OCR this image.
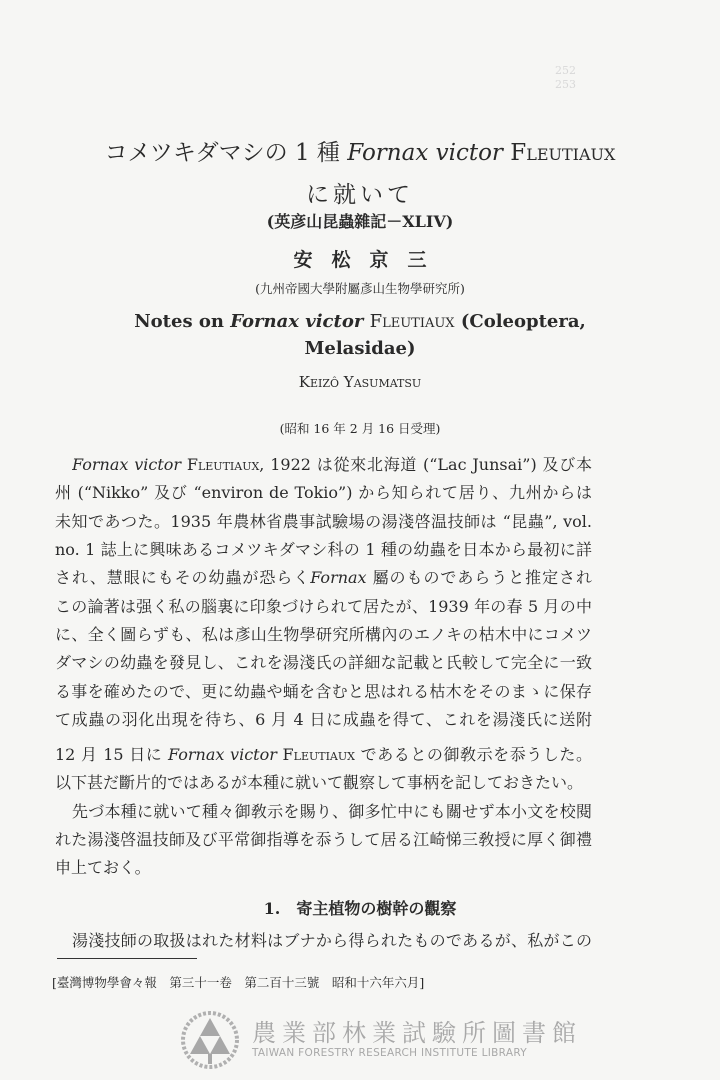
252
253
コメツキダマシの 1 種 Fornax victor Fleutiaux
に就いて
(英彦山昆蟲雜記－XLIV)
安　松　京　三
(九州帝國大學附屬彥山生物學研究所)
Notes on Fornax victor Fleutiaux (Coleoptera,
Melasidae)
Keizô Yasumatsu
(昭和 16 年 2 月 16 日受理)
Fornax victor Fleutiaux, 1922 は從來北海道 (“Lac Junsai”) 及び本
州 (“Nikko” 及び “environ de Tokio”) から知られて居り、九州からは
未知であつた。1935 年農林省農事試驗場の湯淺啓温技師は “昆蟲”, vol.
no. 1 誌上に興味あるコメツキダマシ科の 1 種の幼蟲を日本から最初に詳
され、慧眼にもその幼蟲が恐らくFornax 屬のものであらうと推定され
この論著は强く私の腦裏に印象づけられて居たが、1939 年の春 5 月の中
に、全く圖らずも、私は彥山生物學研究所構內のエノキの枯木中にコメツ
ダマシの幼蟲を發見し、これを湯淺氏の詳細な記載と氏較して完全に一致
る事を確めたので、更に幼蟲や蛹を含むと思はれる枯木をそのまゝに保存
て成蟲の羽化出現を待ち、6 月 4 日に成蟲を得て、これを湯淺氏に送附
12 月 15 日に Fornax victor Fleutiaux であるとの御敎示を忝うした。
以下甚だ斷片的ではあるが本種に就いて觀察して事柄を記しておきたい。
先づ本種に就いて種々御敎示を賜り、御多忙中にも關せず本小文を校閱
れた湯淺啓温技師及び平常御指導を忝うして居る江崎悌三敎授に厚く御禮
申上ておく。
1.　寄主植物の樹幹の觀察
湯淺技師の取扱はれた材料はブナから得られたものであるが、私がこの
[臺灣博物學會々報　第三十一卷　第二百十三號　昭和十六年六月]
農業部林業試驗所圖書館
TAIWAN FORESTRY RESEARCH INSTITUTE LIBRARY
